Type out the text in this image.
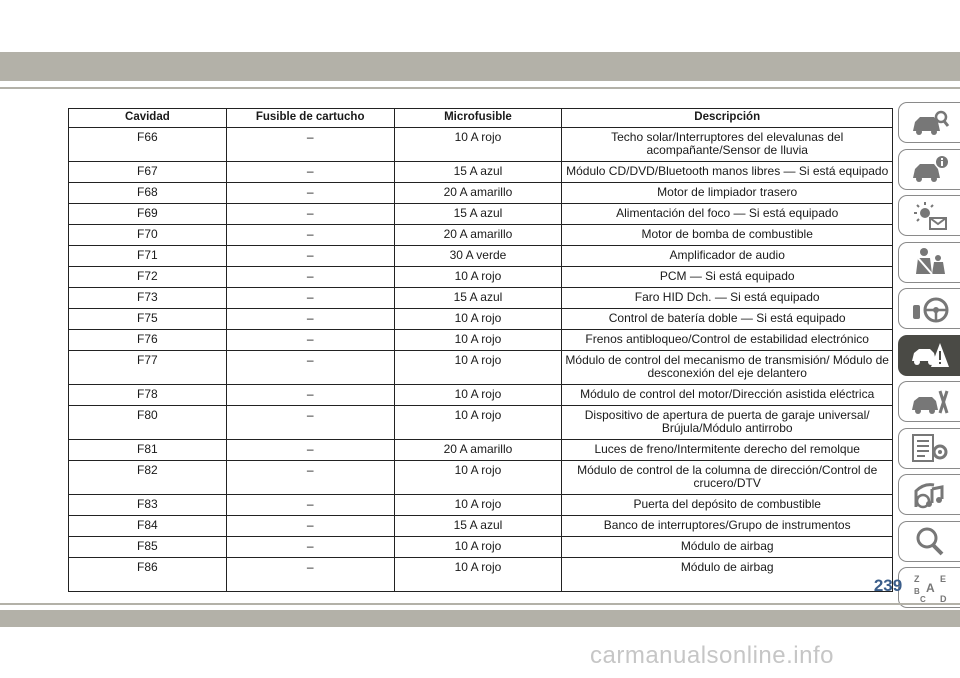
Cavidad	Fusible de cartucho	Microfusible	Descripción
F66	–	10 A rojo	Techo solar/Interruptores del elevalunas del acompañante/Sensor de lluvia
F67	–	15 A azul	Módulo CD/DVD/Bluetooth manos libres — Si está equipado
F68	–	20 A amarillo	Motor de limpiador trasero
F69	–	15 A azul	Alimentación del foco — Si está equipado
F70	–	20 A amarillo	Motor de bomba de combustible
F71	–	30 A verde	Amplificador de audio
F72	–	10 A rojo	PCM — Si está equipado
F73	–	15 A azul	Faro HID Dch. — Si está equipado
F75	–	10 A rojo	Control de batería doble — Si está equipado
F76	–	10 A rojo	Frenos antibloqueo/Control de estabilidad electrónico
F77	–	10 A rojo	Módulo de control del mecanismo de transmisión/ Módulo de desconexión del eje delantero
F78	–	10 A rojo	Módulo de control del motor/Dirección asistida eléctrica
F80	–	10 A rojo	Dispositivo de apertura de puerta de garaje universal/ Brújula/Módulo antirrobo
F81	–	20 A amarillo	Luces de freno/Intermitente derecho del remolque
F82	–	10 A rojo	Módulo de control de la columna de dirección/Control de crucero/DTV
F83	–	10 A rojo	Puerta del depósito de combustible
F84	–	15 A azul	Banco de interruptores/Grupo de instrumentos
F85	–	10 A rojo	Módulo de airbag
F86	–	10 A rojo	Módulo de airbag
Z E
A
B
C D
239
carmanualsonline.info
